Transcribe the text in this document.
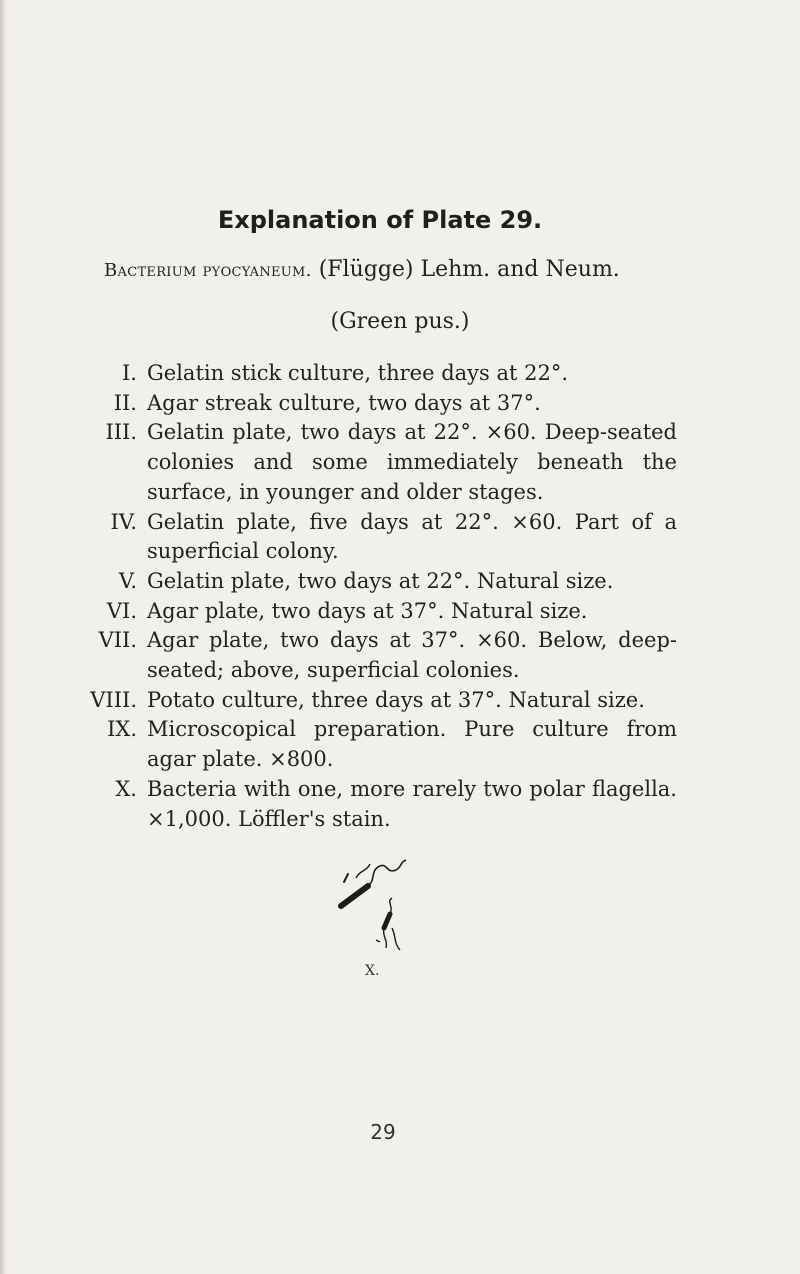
Explanation of Plate 29.
Bacterium pyocyaneum. (Flügge) Lehm. and Neum.
(Green pus.)
I. Gelatin stick culture, three days at 22°.
II. Agar streak culture, two days at 37°.
III. Gelatin plate, two days at 22°. ×60. Deep-seated colonies and some immediately beneath the surface, in younger and older stages.
IV. Gelatin plate, five days at 22°. ×60. Part of a superficial colony.
V. Gelatin plate, two days at 22°. Natural size.
VI. Agar plate, two days at 37°. Natural size.
VII. Agar plate, two days at 37°. ×60. Below, deep-seated; above, superficial colonies.
VIII. Potato culture, three days at 37°. Natural size.
IX. Microscopical preparation. Pure culture from agar plate. ×800.
X. Bacteria with one, more rarely two polar flagella. ×1,000. Löffler's stain.
X.
29
